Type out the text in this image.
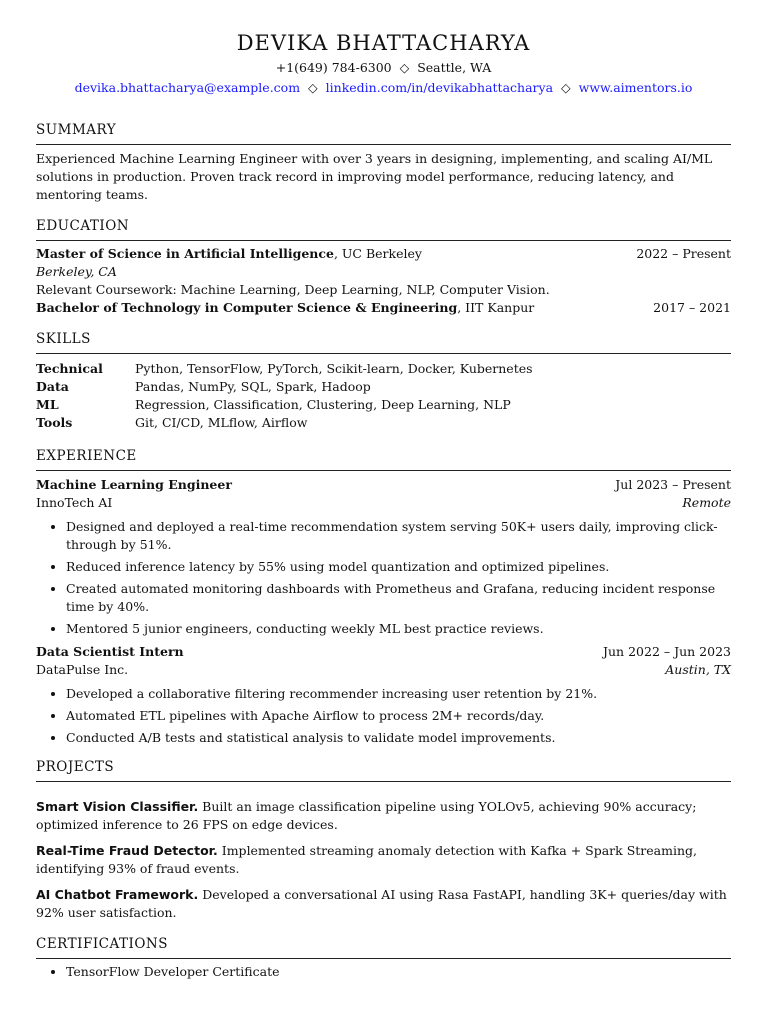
DEVIKA BHATTACHARYA
+1(649) 784-6300 ◇ Seattle, WA
devika.bhattacharya@example.com ◇ linkedin.com/in/devikabhattacharya ◇ www.aimentors.io
SUMMARY
Experienced Machine Learning Engineer with over 3 years in designing, implementing, and scaling AI/ML solutions in production. Proven track record in improving model performance, reducing latency, and mentoring teams.
EDUCATION
Master of Science in Artificial Intelligence, UC Berkeley	2022 – Present
Berkeley, CA
Relevant Coursework: Machine Learning, Deep Learning, NLP, Computer Vision.
Bachelor of Technology in Computer Science & Engineering, IIT Kanpur	2017 – 2021
SKILLS
Technical	Python, TensorFlow, PyTorch, Scikit-learn, Docker, Kubernetes
Data	Pandas, NumPy, SQL, Spark, Hadoop
ML	Regression, Classification, Clustering, Deep Learning, NLP
Tools	Git, CI/CD, MLflow, Airflow
EXPERIENCE
Machine Learning Engineer	Jul 2023 – Present
InnoTech AI	Remote
• Designed and deployed a real-time recommendation system serving 50K+ users daily, improving click-through by 51%.
• Reduced inference latency by 55% using model quantization and optimized pipelines.
• Created automated monitoring dashboards with Prometheus and Grafana, reducing incident response time by 40%.
• Mentored 5 junior engineers, conducting weekly ML best practice reviews.
Data Scientist Intern	Jun 2022 – Jun 2023
DataPulse Inc.	Austin, TX
• Developed a collaborative filtering recommender increasing user retention by 21%.
• Automated ETL pipelines with Apache Airflow to process 2M+ records/day.
• Conducted A/B tests and statistical analysis to validate model improvements.
PROJECTS
Smart Vision Classifier. Built an image classification pipeline using YOLOv5, achieving 90% accuracy; optimized inference to 26 FPS on edge devices.
Real-Time Fraud Detector. Implemented streaming anomaly detection with Kafka + Spark Streaming, identifying 93% of fraud events.
AI Chatbot Framework. Developed a conversational AI using Rasa FastAPI, handling 3K+ queries/day with 92% user satisfaction.
CERTIFICATIONS
• TensorFlow Developer Certificate
